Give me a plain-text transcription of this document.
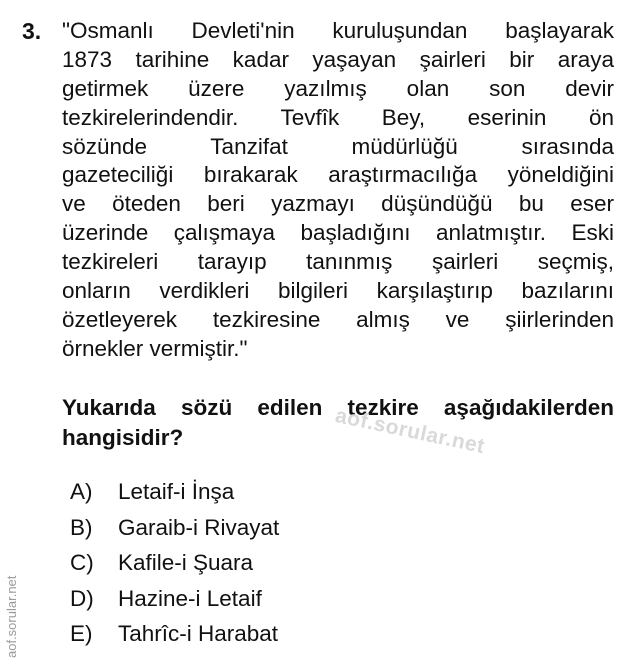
3. "Osmanlı Devleti'nin kuruluşundan başlayarak
1873 tarihine kadar yaşayan şairleri bir araya
getirmek üzere yazılmış olan son devir
tezkirelerindendir. Tevfîk Bey, eserinin ön
sözünde Tanzifat müdürlüğü sırasında
gazeteciliği bırakarak araştırmacılığa yöneldiğini
ve öteden beri yazmayı düşündüğü bu eser
üzerinde çalışmaya başladığını anlatmıştır. Eski
tezkireleri tarayıp tanınmış şairleri seçmiş,
onların verdikleri bilgileri karşılaştırıp bazılarını
özetleyerek tezkiresine almış ve şiirlerinden
örnekler vermiştir."
Yukarıda sözü edilen tezkire aşağıdakilerden
hangisidir?
A)	Letaif-i İnşa
B)	Garaib-i Rivayat
C)	Kafile-i Şuara
D)	Hazine-i Letaif
E)	Tahrîc-i Harabat
aof.sorular.net
aof.sorular.net
